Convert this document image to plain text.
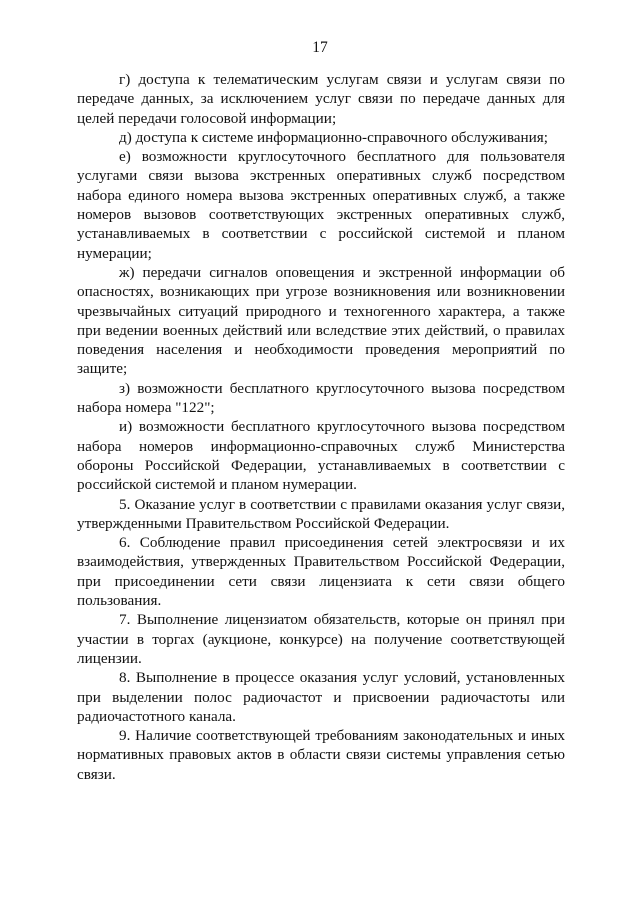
17

г) доступа к телематическим услугам связи и услугам связи по передаче данных, за исключением услуг связи по передаче данных для целей передачи голосовой информации;

д) доступа к системе информационно-справочного обслуживания;

е) возможности круглосуточного бесплатного для пользователя услугами связи вызова экстренных оперативных служб посредством набора единого номера вызова экстренных оперативных служб, а также номеров вызовов соответствующих экстренных оперативных служб, устанавливаемых в соответствии с российской системой и планом нумерации;

ж) передачи сигналов оповещения и экстренной информации об опасностях, возникающих при угрозе возникновения или возникновении чрезвычайных ситуаций природного и техногенного характера, а также при ведении военных действий или вследствие этих действий, о правилах поведения населения и необходимости проведения мероприятий по защите;

з) возможности бесплатного круглосуточного вызова посредством набора номера "122";

и) возможности бесплатного круглосуточного вызова посредством набора номеров информационно-справочных служб Министерства обороны Российской Федерации, устанавливаемых в соответствии с российской системой и планом нумерации.

5. Оказание услуг в соответствии с правилами оказания услуг связи, утвержденными Правительством Российской Федерации.

6. Соблюдение правил присоединения сетей электросвязи и их взаимодействия, утвержденных Правительством Российской Федерации, при присоединении сети связи лицензиата к сети связи общего пользования.

7. Выполнение лицензиатом обязательств, которые он принял при участии в торгах (аукционе, конкурсе) на получение соответствующей лицензии.

8. Выполнение в процессе оказания услуг условий, установленных при выделении полос радиочастот и присвоении радиочастоты или радиочастотного канала.

9. Наличие соответствующей требованиям законодательных и иных нормативных правовых актов в области связи системы управления сетью связи.
